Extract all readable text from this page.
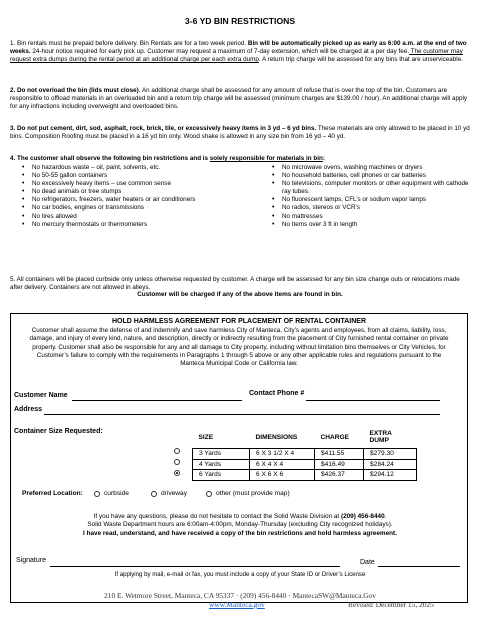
3-6 YD BIN RESTRICTIONS
1. Bin rentals must be prepaid before delivery. Bin Rentals are for a two week period. Bin will be automatically picked up as early as 6:00 a.m. at the end of two weeks. 24-hour notice required for early pick up. Customer may request a maximum of 7-day extension, which will be charged at a per day fee. The customer may request extra dumps during the rental period at an additional charge per each extra dump. A return trip charge will be assessed for any bins that are unserviceable.
2. Do not overload the bin (lids must close). An additional charge shall be assessed for any amount of refuse that is over the top of the bin. Customers are responsible to offload materials in an overloaded bin and a return trip charge will be assessed (minimum charges are $139.00 / hour). An additional charge will apply for any infractions including overweight and overloaded bins.
3. Do not put cement, dirt, sod, asphalt, rock, brick, tile, or excessively heavy items in 3 yd – 6 yd bins. These materials are only allowed to be placed in 10 yd bins. Composition Roofing must be placed in a 16 yd bin only. Wood shake is allowed in any size bin from 16 yd – 40 yd.
4. The customer shall observe the following bin restrictions and is solely responsible for materials in bin:
• No hazardous waste – oil, paint, solvents, etc.
• No 50-55 gallon containers
• No excessively heavy items – use common sense
• No dead animals or tree stumps
• No refrigerators, freezers, water heaters or air conditioners
• No car bodies, engines or transmissions
• No tires allowed
• No mercury thermostats or thermometers
• No microwave ovens, washing machines or dryers
• No household batteries, cell phones or car batteries
• No televisions, computer monitors or other equipment with cathode ray tubes.
• No fluorescent lamps, CFL’s or sodium vapor lamps
• No radios, stereos or VCR’s
• No mattresses
• No Items over 3 ft in length
Customer will be charged if any of the above items are found in bin.
5. All containers will be placed curbside only unless otherwise requested by customer. A charge will be assessed for any bin size change outs or relocations made after delivery. Containers are not allowed in alleys.
HOLD HARMLESS AGREEMENT FOR PLACEMENT OF RENTAL CONTAINER
Customer shall assume the defense of and indemnify and save harmless City of Manteca, City’s agents and employees, from all claims, liability, loss, damage, and injury of every kind, nature, and description, directly or indirectly resulting from the placement of City furnished rental container on private property. Customer shall also be responsible for any and all damage to City property, including without limitation bins themselves or City Vehicles, for Customer’s failure to comply with the requirements in Paragraphs 1 through 5 above or any other applicable rules and regulations pursuant to the Manteca Municipal Code or California law.
Customer Name	Contact Phone #
Address
Container Size Requested:
SIZE	DIMENSIONS	CHARGE	EXTRA DUMP
3 Yards	6 X 3 1/2 X 4	$411.55	$279.30
4 Yards	6 X 4 X 4	$416.49	$284.24
6 Yards	6 X 6 X 6	$426.37	$294.12
Preferred Location:	curbside	driveway	other (must provide map)
If you have any questions, please do not hesitate to contact the Solid Waste Division at (209) 456-8440.
Solid Waste Department hours are 6:00am-4:00pm, Monday-Thursday (excluding City recognized holidays).
I have read, understand, and have received a copy of the bin restrictions and hold harmless agreement.
Signature	Date
If applying by mail, e-mail or fax, you must include a copy of your State ID or Driver’s License
210 E. Wetmore Street, Manteca, CA 95337 · (209) 456-8440 · MantecaSW@Manteca.Gov
www.Manteca.gov	Revised: December 15, 2025
